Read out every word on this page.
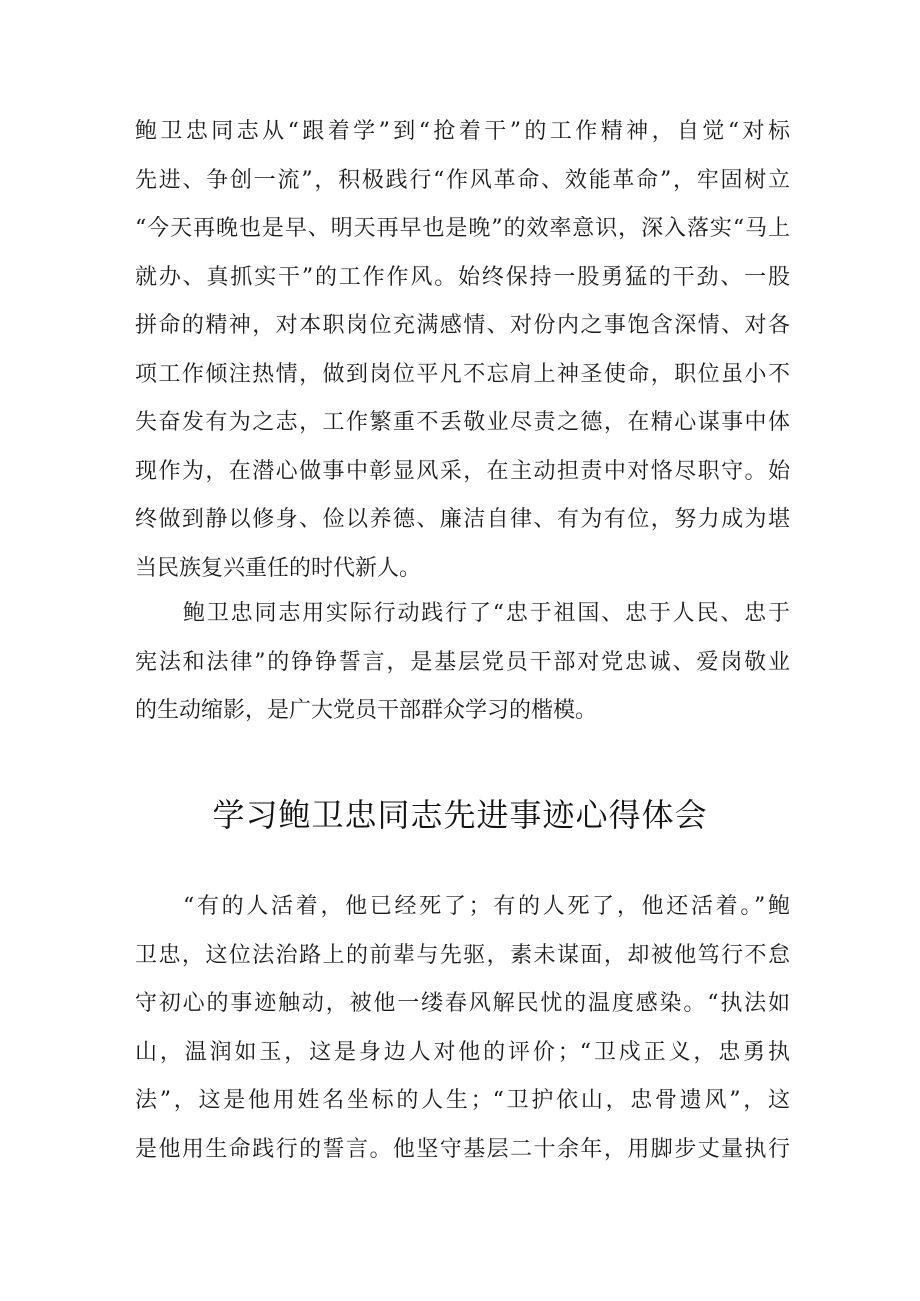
鲍卫忠同志从“跟着学”到“抢着干”的工作精神，自觉“对标
先进、争创一流”，积极践行“作风革命、效能革命”，牢固树立
“今天再晚也是早、明天再早也是晚”的效率意识，深入落实“马上
就办、真抓实干”的工作作风。始终保持一股勇猛的干劲、一股
拼命的精神，对本职岗位充满感情、对份内之事饱含深情、对各
项工作倾注热情，做到岗位平凡不忘肩上神圣使命，职位虽小不
失奋发有为之志，工作繁重不丢敬业尽责之德，在精心谋事中体
现作为，在潜心做事中彰显风采，在主动担责中对恪尽职守。始
终做到静以修身、俭以养德、廉洁自律、有为有位，努力成为堪
当民族复兴重任的时代新人。
鲍卫忠同志用实际行动践行了“忠于祖国、忠于人民、忠于
宪法和法律”的铮铮誓言，是基层党员干部对党忠诚、爱岗敬业
的生动缩影，是广大党员干部群众学习的楷模。
学习鲍卫忠同志先进事迹心得体会
“有的人活着，他已经死了；有的人死了，他还活着。”鲍
卫忠，这位法治路上的前辈与先驱，素未谋面，却被他笃行不怠
守初心的事迹触动，被他一缕春风解民忧的温度感染。“执法如
山，温润如玉，这是身边人对他的评价；“卫戍正义，忠勇执
法”，这是他用姓名坐标的人生；“卫护依山，忠骨遗风”，这
是他用生命践行的誓言。他坚守基层二十余年，用脚步丈量执行
